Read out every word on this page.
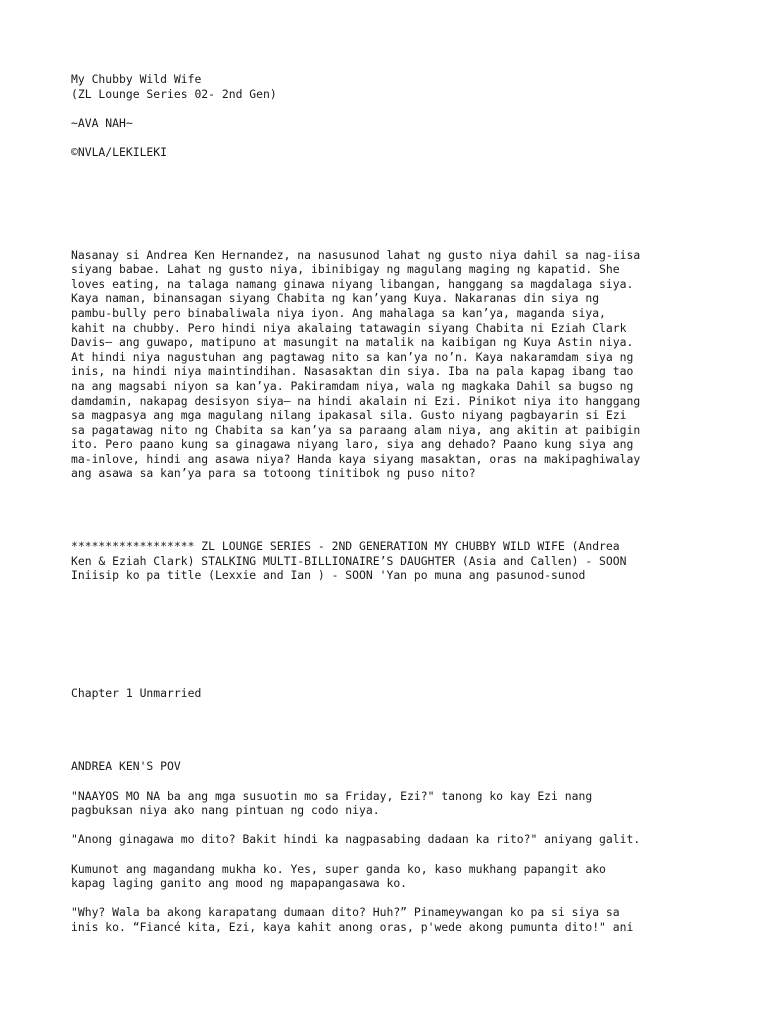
My Chubby Wild Wife
(ZL Lounge Series 02- 2nd Gen)
~AVA NAH~
©NVLA/LEKILEKI
Nasanay si Andrea Ken Hernandez, na nasusunod lahat ng gusto niya dahil sa nag-iisa
siyang babae. Lahat ng gusto niya, ibinibigay ng magulang maging ng kapatid. She
loves eating, na talaga namang ginawa niyang libangan, hanggang sa magdalaga siya.
Kaya naman, binansagan siyang Chabita ng kan’yang Kuya. Nakaranas din siya ng
pambu-bully pero binabaliwala niya iyon. Ang mahalaga sa kan’ya, maganda siya,
kahit na chubby. Pero hindi niya akalaing tatawagin siyang Chabita ni Eziah Clark
Davis– ang guwapo, matipuno at masungit na matalik na kaibigan ng Kuya Astin niya.
At hindi niya nagustuhan ang pagtawag nito sa kan’ya no’n. Kaya nakaramdam siya ng
inis, na hindi niya maintindihan. Nasasaktan din siya. Iba na pala kapag ibang tao
na ang magsabi niyon sa kan’ya. Pakiramdam niya, wala ng magkaka Dahil sa bugso ng
damdamin, nakapag desisyon siya– na hindi akalain ni Ezi. Pinikot niya ito hanggang
sa magpasya ang mga magulang nilang ipakasal sila. Gusto niyang pagbayarin si Ezi
sa pagatawag nito ng Chabita sa kan’ya sa paraang alam niya, ang akitin at paibigin
ito. Pero paano kung sa ginagawa niyang laro, siya ang dehado? Paano kung siya ang
ma-inlove, hindi ang asawa niya? Handa kaya siyang masaktan, oras na makipaghiwalay
ang asawa sa kan’ya para sa totoong tinitibok ng puso nito?
****************** ZL LOUNGE SERIES - 2ND GENERATION MY CHUBBY WILD WIFE (Andrea
Ken & Eziah Clark) STALKING MULTI-BILLIONAIRE’S DAUGHTER (Asia and Callen) - SOON
Iniisip ko pa title (Lexxie and Ian ) - SOON 'Yan po muna ang pasunod-sunod
Chapter 1 Unmarried
ANDREA KEN'S POV
"NAAYOS MO NA ba ang mga susuotin mo sa Friday, Ezi?" tanong ko kay Ezi nang
pagbuksan niya ako nang pintuan ng codo niya.
"Anong ginagawa mo dito? Bakit hindi ka nagpasabing dadaan ka rito?" aniyang galit.
Kumunot ang magandang mukha ko. Yes, super ganda ko, kaso mukhang papangit ako
kapag laging ganito ang mood ng mapapangasawa ko.
"Why? Wala ba akong karapatang dumaan dito? Huh?” Pinameywangan ko pa si siya sa
inis ko. “Fiancé kita, Ezi, kaya kahit anong oras, p'wede akong pumunta dito!" ani
